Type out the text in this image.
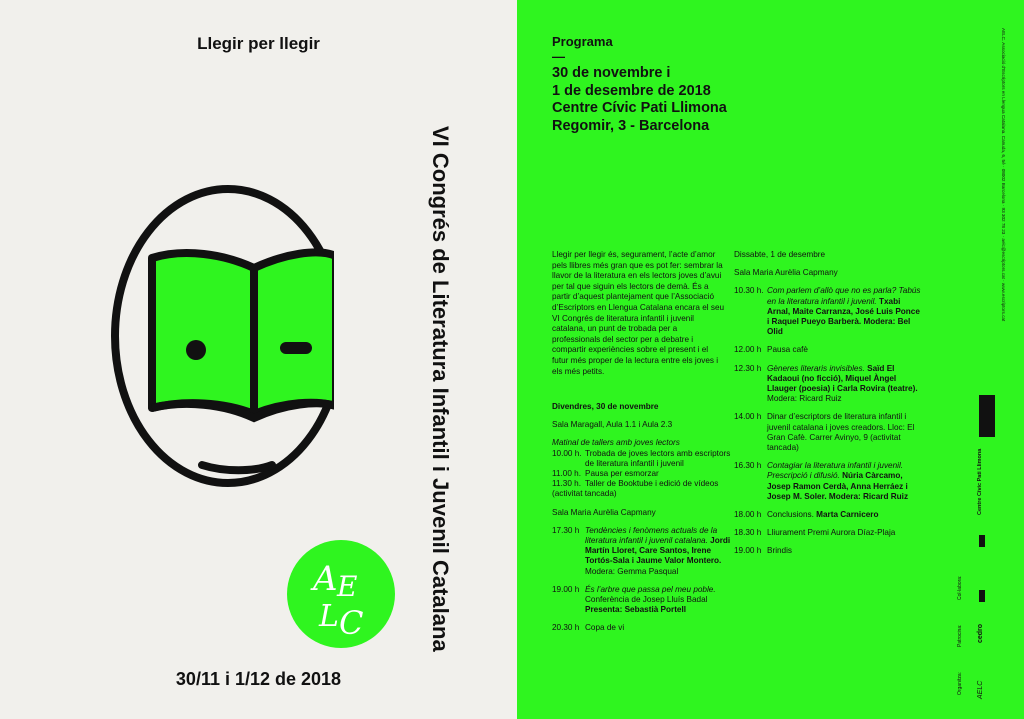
Llegir per llegir
A E
L C	VI Congrés de Literatura Infantil i Juvenil Catalana
30/11 i 1/12 de 2018
Programa
—
30 de novembre i
1 de desembre de 2018
Centre Cívic Pati Llimona
Regomir, 3 - Barcelona
Llegir per llegir és, segurament, l’acte d’amor pels llibres més gran que es pot fer: sembrar la llavor de la literatura en els lectors joves d’avui per tal que siguin els lectors de demà. És a partir d’aquest plantejament que l’Associació d’Escriptors en Llengua Catalana encara el seu VI Congrés de literatura infantil i juvenil catalana, un punt de trobada per a professionals del sector per a debatre i compartir experiències sobre el present i el futur més proper de la lectura entre els joves i els més petits.
Divendres, 30 de novembre
Sala Maragall, Aula 1.1 i Aula 2.3
Matinal de tallers amb joves lectors
10.00 h. Trobada de joves lectors amb escriptors de literatura infantil i juvenil
11.00 h. Pausa per esmorzar
11.30 h. Taller de Booktube i edició de vídeos
(activitat tancada)
Sala Maria Aurèlia Capmany
17.30 h Tendències i fenòmens actuals de la literatura infantil i juvenil catalana. Jordi Martín Lloret, Care Santos, Irene Tortós-Sala i Jaume Valor Montero. Modera: Gemma Pasqual
19.00 h És l’arbre que passa pel meu poble. Conferència de Josep Lluís Badal Presenta: Sebastià Portell
20.30 h Copa de vi
Dissabte, 1 de desembre
Sala Maria Aurèlia Capmany
10.30 h. Com parlem d’allò que no es parla? Tabús en la literatura infantil i juvenil. Txabi Arnal, Maite Carranza, José Luis Ponce i Raquel Pueyo Barberà. Modera: Bel Olid
12.00 h Pausa cafè
12.30 h Gèneres literaris invisibles. Saïd El Kadaoui (no ficció), Miquel Àngel Llauger (poesia) i Carla Rovira (teatre). Modera: Ricard Ruiz
14.00 h Dinar d’escriptors de literatura infantil i juvenil catalana i joves creadors. Lloc: El Gran Cafè. Carrer Avinyo, 9 (activitat tancada)
16.30 h Contagiar la literatura infantil i juvenil. Prescripció i difusió. Núria Càrcamo, Josep Ramon Cerdà, Anna Herráez i Josep M. Soler. Modera: Ricard Ruiz
18.00 h Conclusions. Marta Carnicero
18.30 h Lliurament Premi Aurora Díaz-Plaja
19.00 h Brindis
AELC. Associació d’Escriptors en Llengua Catalana. Canuda, 6, 5è · 08002 Barcelona · 93 302 78 23 · aelc@escriptors.cat · www.escriptors.cat
Col·labora:
Patrocina:
Organitza:
Centre Cívic Pati Llimona
cedro
AELC
